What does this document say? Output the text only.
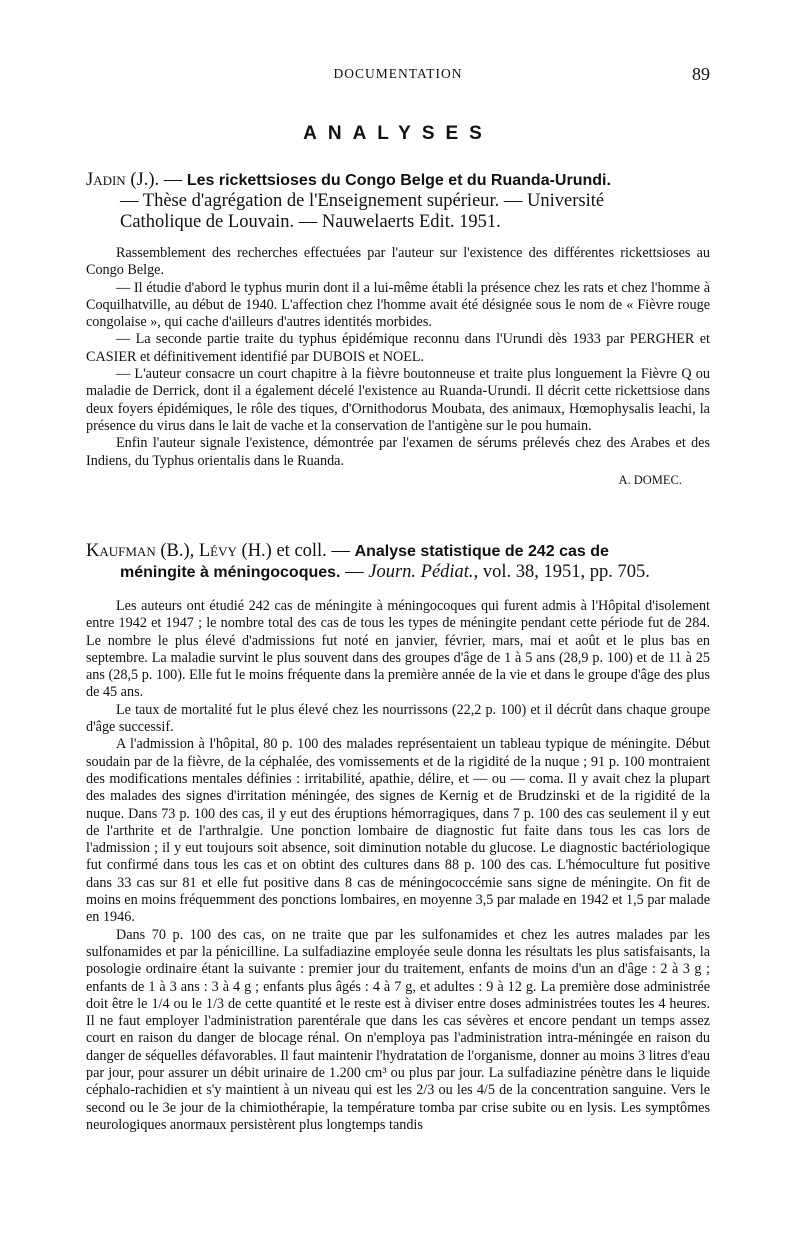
DOCUMENTATION	89
ANALYSES
Jadin (J.). — Les rickettsioses du Congo Belge et du Ruanda-Urundi.
— Thèse d'agrégation de l'Enseignement supérieur. — Université
Catholique de Louvain. — Nauwelaerts Edit. 1951.

Rassemblement des recherches effectuées par l'auteur sur l'existence des différentes rickettsioses au Congo Belge.

— Il étudie d'abord le typhus murin dont il a lui-même établi la présence chez les rats et chez l'homme à Coquilhatville, au début de 1940. L'affection chez l'homme avait été désignée sous le nom de « Fièvre rouge congolaise », qui cache d'ailleurs d'autres identités morbides.

— La seconde partie traite du typhus épidémique reconnu dans l'Urundi dès 1933 par PERGHER et CASIER et définitivement identifié par DUBOIS et NOEL.

— L'auteur consacre un court chapitre à la fièvre boutonneuse et traite plus longuement la Fièvre Q ou maladie de Derrick, dont il a également décelé l'existence au Ruanda-Urundi. Il décrit cette rickettsiose dans deux foyers épidémiques, le rôle des tiques, d'Ornithodorus Moubata, des animaux, Hœmophysalis leachi, la présence du virus dans le lait de vache et la conservation de l'antigène sur le pou humain.

Enfin l'auteur signale l'existence, démontrée par l'examen de sérums prélevés chez des Arabes et des Indiens, du Typhus orientalis dans le Ruanda.

A. DOMEC.
Kaufman (B.), Lévy (H.) et coll. — Analyse statistique de 242 cas de
méningite à méningocoques. — Journ. Pédiat., vol. 38, 1951, pp. 705.

Les auteurs ont étudié 242 cas de méningite à méningocoques qui furent admis à l'Hôpital d'isolement entre 1942 et 1947 ; le nombre total des cas de tous les types de méningite pendant cette période fut de 284. Le nombre le plus élevé d'admissions fut noté en janvier, février, mars, mai et août et le plus bas en septembre. La maladie survint le plus souvent dans des groupes d'âge de 1 à 5 ans (28,9 p. 100) et de 11 à 25 ans (28,5 p. 100). Elle fut le moins fréquente dans la première année de la vie et dans le groupe d'âge des plus de 45 ans.

Le taux de mortalité fut le plus élevé chez les nourrissons (22,2 p. 100) et il décrût dans chaque groupe d'âge successif.

A l'admission à l'hôpital, 80 p. 100 des malades représentaient un tableau typique de méningite. Début soudain par de la fièvre, de la céphalée, des vomissements et de la rigidité de la nuque ; 91 p. 100 montraient des modifications mentales définies : irritabilité, apathie, délire, et — ou — coma. Il y avait chez la plupart des malades des signes d'irritation méningée, des signes de Kernig et de Brudzinski et de la rigidité de la nuque. Dans 73 p. 100 des cas, il y eut des éruptions hémorragiques, dans 7 p. 100 des cas seulement il y eut de l'arthrite et de l'arthralgie. Une ponction lombaire de diagnostic fut faite dans tous les cas lors de l'admission ; il y eut toujours soit absence, soit diminution notable du glucose. Le diagnostic bactériologique fut confirmé dans tous les cas et on obtint des cultures dans 88 p. 100 des cas. L'hémoculture fut positive dans 33 cas sur 81 et elle fut positive dans 8 cas de méningococcémie sans signe de méningite. On fit de moins en moins fréquemment des ponctions lombaires, en moyenne 3,5 par malade en 1942 et 1,5 par malade en 1946.

Dans 70 p. 100 des cas, on ne traite que par les sulfonamides et chez les autres malades par les sulfonamides et par la pénicilline. La sulfadiazine employée seule donna les résultats les plus satisfaisants, la posologie ordinaire étant la suivante : premier jour du traitement, enfants de moins d'un an d'âge : 2 à 3 g ; enfants de 1 à 3 ans : 3 à 4 g ; enfants plus âgés : 4 à 7 g, et adultes : 9 à 12 g. La première dose administrée doit être le 1/4 ou le 1/3 de cette quantité et le reste est à diviser entre doses administrées toutes les 4 heures. Il ne faut employer l'administration parentérale que dans les cas sévères et encore pendant un temps assez court en raison du danger de blocage rénal. On n'employa pas l'administration intra-méningée en raison du danger de séquelles défavorables. Il faut maintenir l'hydratation de l'organisme, donner au moins 3 litres d'eau par jour, pour assurer un débit urinaire de 1.200 cm³ ou plus par jour. La sulfadiazine pénètre dans le liquide céphalo-rachidien et s'y maintient à un niveau qui est les 2/3 ou les 4/5 de la concentration sanguine. Vers le second ou le 3e jour de la chimiothérapie, la température tomba par crise subite ou en lysis. Les symptômes neurologiques anormaux persistèrent plus longtemps tandis
